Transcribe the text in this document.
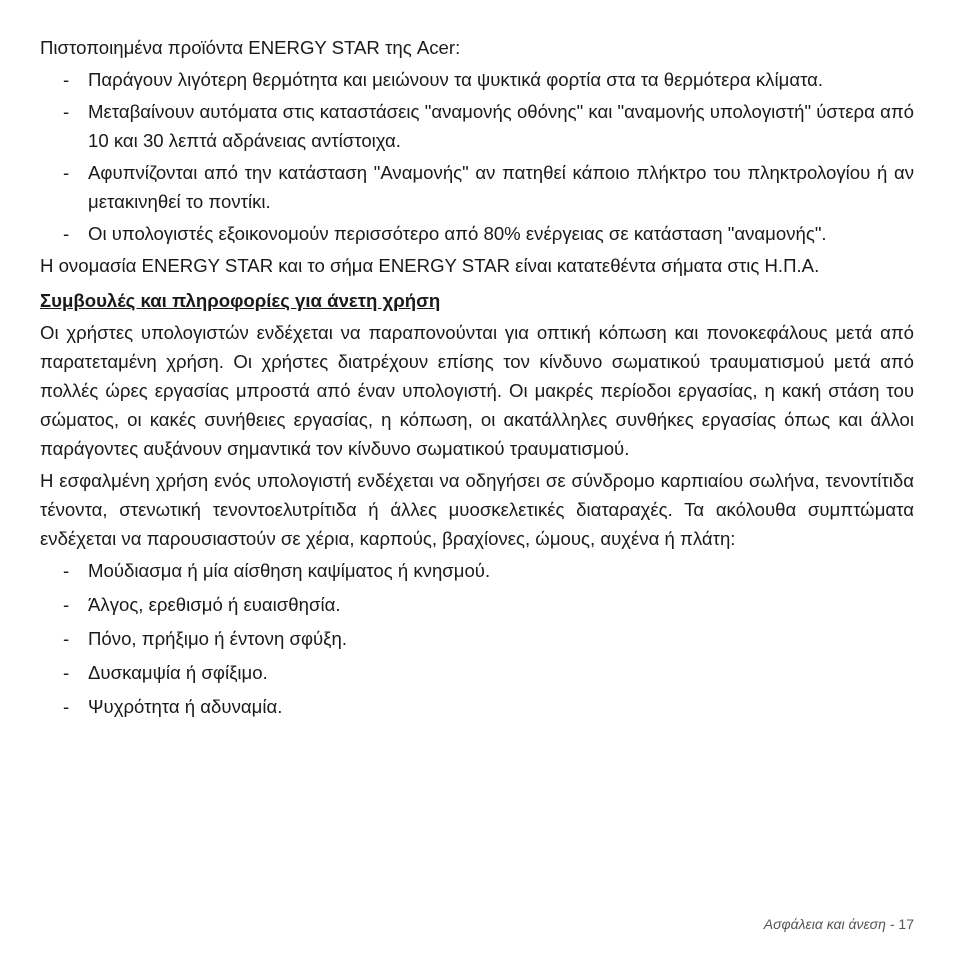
Πιστοποιημένα προϊόντα ENERGY STAR της Acer:

- Παράγουν λιγότερη θερμότητα και μειώνουν τα ψυκτικά φορτία στα τα θερμότερα κλίματα.
- Μεταβαίνουν αυτόματα στις καταστάσεις "αναμονής οθόνης" και "αναμονής υπολογιστή" ύστερα από 10 και 30 λεπτά αδράνειας αντίστοιχα.
- Αφυπνίζονται από την κατάσταση "Αναμονής" αν πατηθεί κάποιο πλήκτρο του πληκτρολογίου ή αν μετακινηθεί το ποντίκι.
- Οι υπολογιστές εξοικονομούν περισσότερο από 80% ενέργειας σε κατάσταση "αναμονής".

Η ονομασία ENERGY STAR και το σήμα ENERGY STAR είναι κατατεθέντα σήματα στις Η.Π.Α.

Συμβουλές και πληροφορίες για άνετη χρήση

Οι χρήστες υπολογιστών ενδέχεται να παραπονούνται για οπτική κόπωση και πονοκεφάλους μετά από παρατεταμένη χρήση. Οι χρήστες διατρέχουν επίσης τον κίνδυνο σωματικού τραυματισμού μετά από πολλές ώρες εργασίας μπροστά από έναν υπολογιστή. Οι μακρές περίοδοι εργασίας, η κακή στάση του σώματος, οι κακές συνήθειες εργασίας, η κόπωση, οι ακατάλληλες συνθήκες εργασίας όπως και άλλοι παράγοντες αυξάνουν σημαντικά τον κίνδυνο σωματικού τραυματισμού.

Η εσφαλμένη χρήση ενός υπολογιστή ενδέχεται να οδηγήσει σε σύνδρομο καρπιαίου σωλήνα, τενοντίτιδα τένοντα, στενωτική τενοντοελυτρίτιδα ή άλλες μυοσκελετικές διαταραχές. Τα ακόλουθα συμπτώματα ενδέχεται να παρουσιαστούν σε χέρια, καρπούς, βραχίονες, ώμους, αυχένα ή πλάτη:

- Μούδιασμα ή μία αίσθηση καψίματος ή κνησμού.
- Άλγος, ερεθισμό ή ευαισθησία.
- Πόνο, πρήξιμο ή έντονη σφύξη.
- Δυσκαμψία ή σφίξιμο.
- Ψυχρότητα ή αδυναμία.
Ασφάλεια και άνεση - 17
